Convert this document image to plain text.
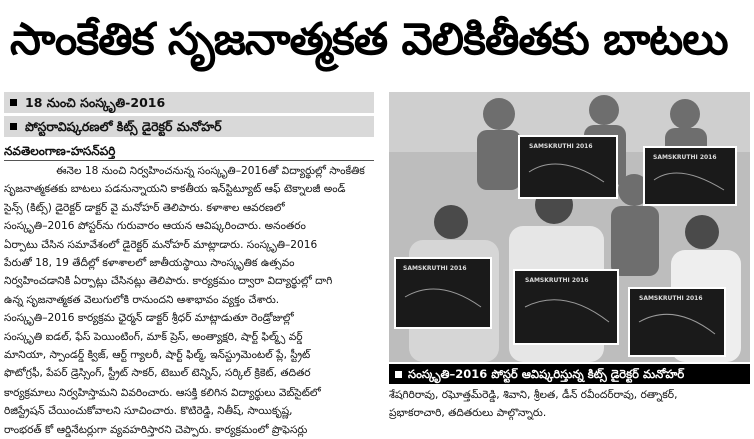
సాంకేతిక సృజనాత్మకత వెలికితీతకు బాటలు
18 నుంచి సంస్కృతి-2016
పోస్టరావిష్కరణలో కిట్స్ డైరెక్టర్ మనోహర్
నవతెలంగాణ-హసన్‌పర్తి
ఈనెల 18 నుంచి నిర్వహించనున్న సంస్కృతి–2016తో విద్యార్థుల్లో సాంకేతిక
సృజనాత్మకతకు బాటలు పడనున్నాయని కాకతీయ ఇన్‌స్టిట్యూట్ ఆఫ్ టెక్నాలజీ అండ్
సైన్స్ (కిట్స్) డైరెక్టర్ డాక్టర్ వై మనోహర్ తెలిపారు. కళాశాల ఆవరణలో
సంస్కృతి–2016 పోస్టర్‌ను గురువారం ఆయన ఆవిష్కరించారు. అనంతరం
ఏర్పాటు చేసిన సమావేశంలో డైరెక్టర్ మనోహర్ మాట్లాడారు. సంస్కృతి–2016
పేరుతో 18, 19 తేదీల్లో కళాశాలలో జాతీయస్థాయి సాంస్కృతిక ఉత్సవం
నిర్వహించడానికి ఏర్పాట్లు చేసినట్లు తెలిపారు. కార్యక్రమం ద్వారా విద్యార్థుల్లో దాగి
ఉన్న సృజనాత్మకత వెలుగులోకి రానుందని ఆశాభావం వ్యక్తం చేశారు.
సంస్కృతి–2016 కార్యక్రమ ఛైర్మన్ డాక్టర్ శ్రీధర్ మాట్లాడుతూ రెండ్రోజుల్లో
సంస్కృతి ఐడల్, ఫేస్ పెయింటింగ్, మాక్ ప్రెస్, అంత్యాక్షరి, షార్ట్ ఫిల్మ్స్ వర్డ్
మానియా, స్పాండర్డ్ క్విజ్, ఆర్ట్ గ్యాలరీ, షార్ట్ ఫిల్మ్, ఇన్‌స్ట్రుమెంటల్ ప్లే, స్ట్రీట్
ఫొటోగ్రఫీ, పేపర్ డ్రెస్సింగ్, స్ట్రీట్ సాకర్, టెబుల్ టెన్నిస్, సర్కిల్ క్రికెట్, తదితర
కార్యక్రమాలు నిర్వహిస్తామని వివరించారు. ఆసక్తి కలిగిన విద్యార్థులు వెబ్‌సైట్‌లో
రిజిస్ట్రేషన్ చేయించుకోవాలని సూచించారు. కొటిరెడ్డి, నితీష్, సాయికృష్ణ,
రాంభరత్ కో ఆర్డినేటర్లుగా వ్యవహరిస్తారని చెప్పారు. కార్యక్రమంలో ప్రొఫెసర్లు
SAMSKRUTHI 2016
SAMSKRUTHI 2016
SAMSKRUTHI 2016
SAMSKRUTHI 2016
SAMSKRUTHI 2016
సంస్కృతి–2016 పోస్టర్ ఆవిష్కరిస్తున్న కిట్స్ డైరెక్టర్ మనోహర్
శేషగిరిరావు, రఘోత్తమ్‌రెడ్డి, శివాని, శ్రీలత, డీన్ రవీందర్‌రావు, రత్నాకర్,
ప్రభాకరాచారి, తదితరులు పాల్గొన్నారు.
